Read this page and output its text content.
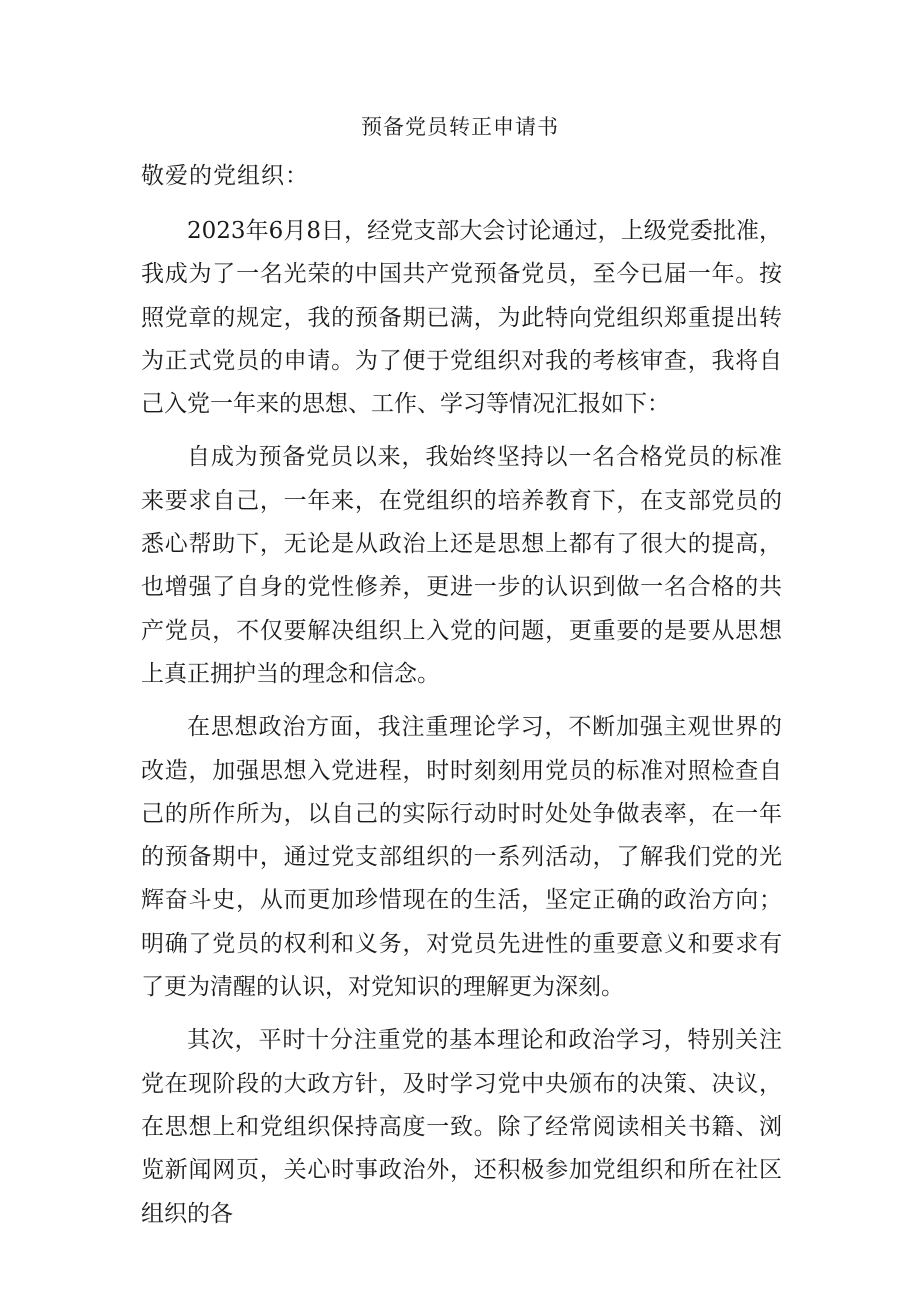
预备党员转正申请书
敬爱的党组织：

2023年6月8日，经党支部大会讨论通过，上级党委批准，我成为了一名光荣的中国共产党预备党员，至今已届一年。按照党章的规定，我的预备期已满，为此特向党组织郑重提出转为正式党员的申请。为了便于党组织对我的考核审查，我将自己入党一年来的思想、工作、学习等情况汇报如下：

自成为预备党员以来，我始终坚持以一名合格党员的标准来要求自己，一年来，在党组织的培养教育下，在支部党员的悉心帮助下，无论是从政治上还是思想上都有了很大的提高，也增强了自身的党性修养，更进一步的认识到做一名合格的共产党员，不仅要解决组织上入党的问题，更重要的是要从思想上真正拥护当的理念和信念。

在思想政治方面，我注重理论学习，不断加强主观世界的改造，加强思想入党进程，时时刻刻用党员的标准对照检查自己的所作所为，以自己的实际行动时时处处争做表率，在一年的预备期中，通过党支部组织的一系列活动，了解我们党的光辉奋斗史，从而更加珍惜现在的生活，坚定正确的政治方向；明确了党员的权利和义务，对党员先进性的重要意义和要求有了更为清醒的认识，对党知识的理解更为深刻。

其次，平时十分注重党的基本理论和政治学习，特别关注党在现阶段的大政方针，及时学习党中央颁布的决策、决议，在思想上和党组织保持高度一致。除了经常阅读相关书籍、浏览新闻网页，关心时事政治外，还积极参加党组织和所在社区组织的各
